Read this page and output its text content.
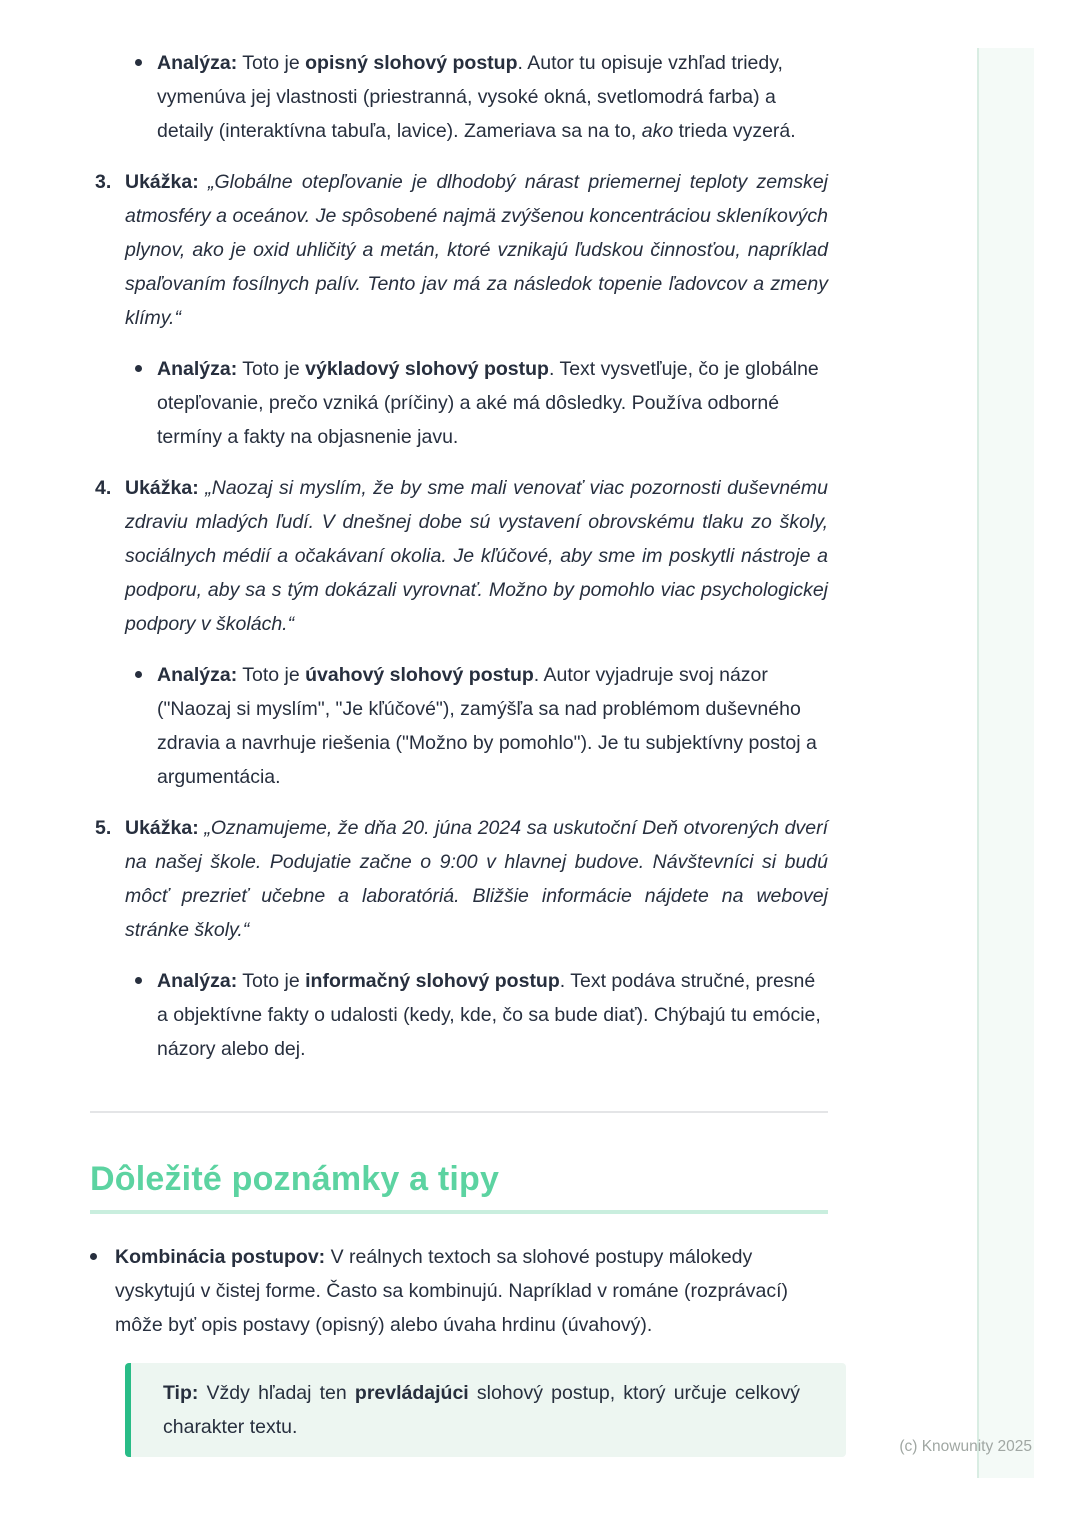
Analýza: Toto je opisný slohový postup. Autor tu opisuje vzhľad triedy, vymenúva jej vlastnosti (priestranná, vysoké okná, svetlomodrá farba) a detaily (interaktívna tabuľa, lavice). Zameriava sa na to, ako trieda vyzerá.
3. Ukážka: „Globálne otepľovanie je dlhodobý nárast priemernej teploty zemskej atmosféry a oceánov. Je spôsobené najmä zvýšenou koncentráciou skleníkových plynov, ako je oxid uhličitý a metán, ktoré vznikajú ľudskou činnosťou, napríklad spaľovaním fosílnych palív. Tento jav má za následok topenie ľadovcov a zmeny klímy.“
Analýza: Toto je výkladový slohový postup. Text vysvetľuje, čo je globálne otepľovanie, prečo vzniká (príčiny) a aké má dôsledky. Používa odborné termíny a fakty na objasnenie javu.
4. Ukážka: „Naozaj si myslím, že by sme mali venovať viac pozornosti duševnému zdraviu mladých ľudí. V dnešnej dobe sú vystavení obrovskému tlaku zo školy, sociálnych médií a očakávaní okolia. Je kľúčové, aby sme im poskytli nástroje a podporu, aby sa s tým dokázali vyrovnať. Možno by pomohlo viac psychologickej podpory v školách.“
Analýza: Toto je úvahový slohový postup. Autor vyjadruje svoj názor ("Naozaj si myslím", "Je kľúčové"), zamýšľa sa nad problémom duševného zdravia a navrhuje riešenia ("Možno by pomohlo"). Je tu subjektívny postoj a argumentácia.
5. Ukážka: „Oznamujeme, že dňa 20. júna 2024 sa uskutoční Deň otvorených dverí na našej škole. Podujatie začne o 9:00 v hlavnej budove. Návštevníci si budú môcť prezrieť učebne a laboratóriá. Bližšie informácie nájdete na webovej stránke školy.“
Analýza: Toto je informačný slohový postup. Text podáva stručné, presné a objektívne fakty o udalosti (kedy, kde, čo sa bude diať). Chýbajú tu emócie, názory alebo dej.
Dôležité poznámky a tipy
Kombinácia postupov: V reálnych textoch sa slohové postupy málokedy vyskytujú v čistej forme. Často sa kombinujú. Napríklad v románe (rozprávací) môže byť opis postavy (opisný) alebo úvaha hrdinu (úvahový).
Tip: Vždy hľadaj ten prevládajúci slohový postup, ktorý určuje celkový charakter textu.
(c) Knowunity 2025
